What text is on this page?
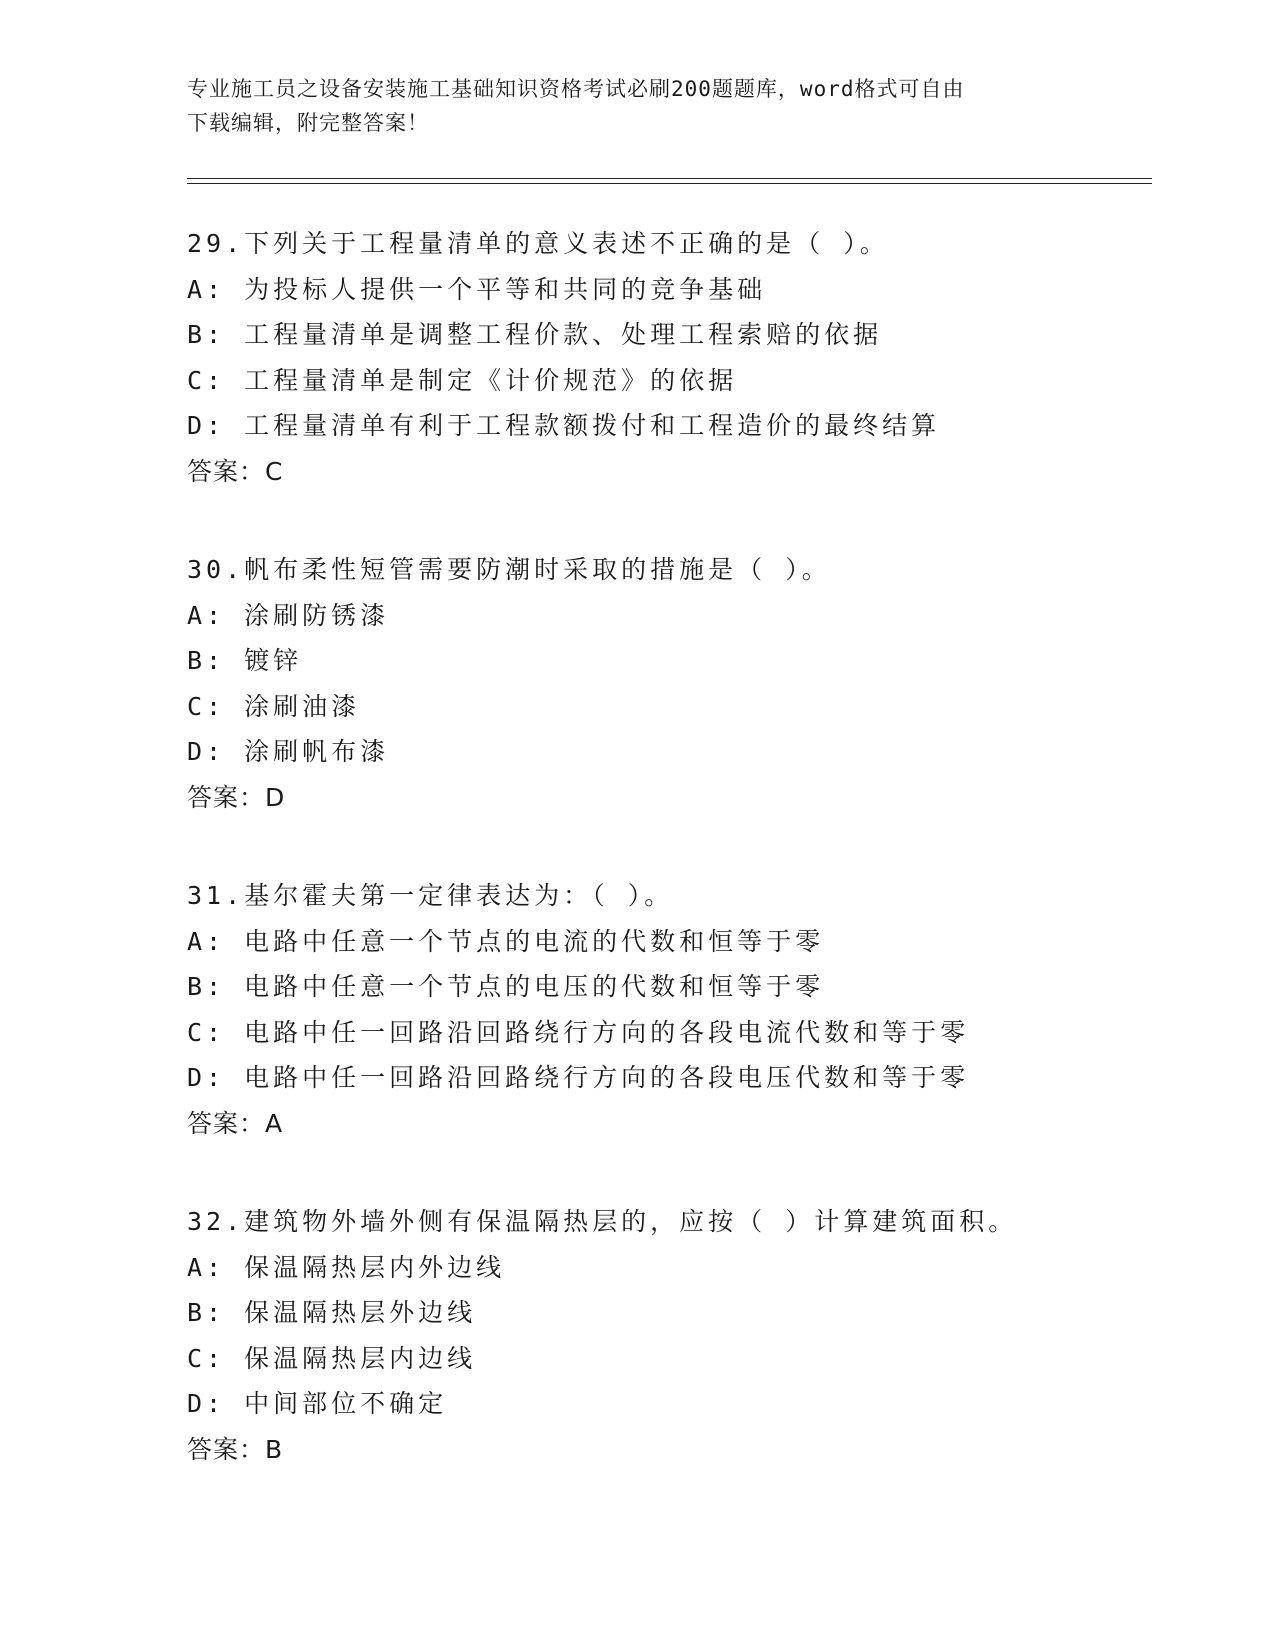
专业施工员之设备安装施工基础知识资格考试必刷200题题库，word格式可自由
下载编辑，附完整答案！
29.下列关于工程量清单的意义表述不正确的是（ ）。
A: 为投标人提供一个平等和共同的竞争基础
B: 工程量清单是调整工程价款、处理工程索赔的依据
C: 工程量清单是制定《计价规范》的依据
D: 工程量清单有利于工程款额拨付和工程造价的最终结算
答案：C
30.帆布柔性短管需要防潮时采取的措施是（ ）。
A: 涂刷防锈漆
B: 镀锌
C: 涂刷油漆
D: 涂刷帆布漆
答案：D
31.基尔霍夫第一定律表达为：（ ）。
A: 电路中任意一个节点的电流的代数和恒等于零
B: 电路中任意一个节点的电压的代数和恒等于零
C: 电路中任一回路沿回路绕行方向的各段电流代数和等于零
D: 电路中任一回路沿回路绕行方向的各段电压代数和等于零
答案：A
32.建筑物外墙外侧有保温隔热层的，应按（ ）计算建筑面积。
A: 保温隔热层内外边线
B: 保温隔热层外边线
C: 保温隔热层内边线
D: 中间部位不确定
答案：B
